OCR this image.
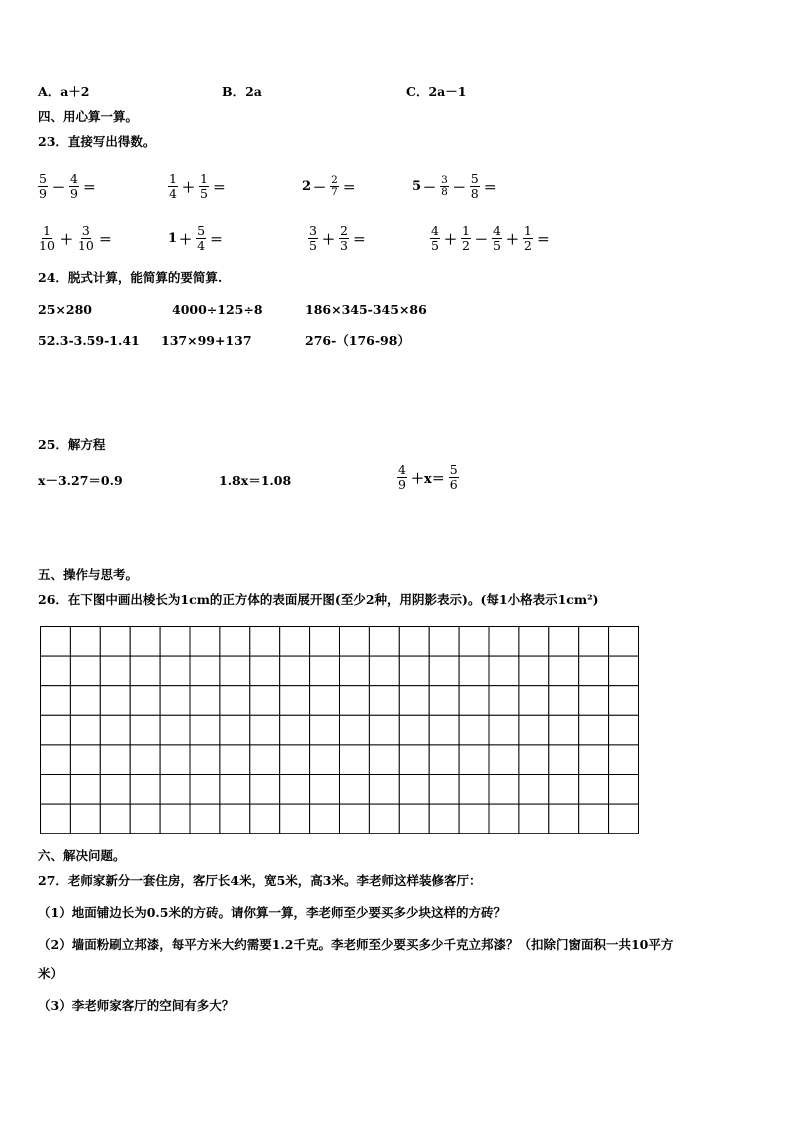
A．a＋2	B．2a	C．2a－1
四、用心算一算。
23．直接写出得数。
$\frac{5}{9} - \frac{4}{9}$ ＝	$\frac{1}{4} + \frac{1}{5}$ ＝	$2 - \frac{2}{7}$ ＝	$5 - \frac{3}{8} - \frac{5}{8}$ ＝
$\frac{1}{10} + \frac{3}{10}$ ＝	$1 + \frac{5}{4}$ ＝	$\frac{3}{5} + \frac{2}{3}$ ＝	$\frac{4}{5} + \frac{1}{2} - \frac{4}{5} + \frac{1}{2}$ ＝
24．脱式计算，能简算的要简算.
25×280	4000÷125÷8	186×345-345×86
52.3-3.59-1.41 137×99+137	276-（176-98）
25．解方程
x－3.27＝0.9	1.8x＝1.08	$\frac{4}{9} +x= \frac{5}{6}$
五、操作与思考。
26．在下图中画出棱长为1cm的正方体的表面展开图(至少2种，用阴影表示)。(每1小格表示1cm²)
六、解决问题。
27．老师家新分一套住房，客厅长4米，宽5米，高3米。李老师这样装修客厅：
（1）地面铺边长为0.5米的方砖。请你算一算，李老师至少要买多少块这样的方砖？
（2）墙面粉刷立邦漆，每平方米大约需要1.2千克。李老师至少要买多少千克立邦漆？（扣除门窗面积一共10平方
米）
（3）李老师家客厅的空间有多大？
